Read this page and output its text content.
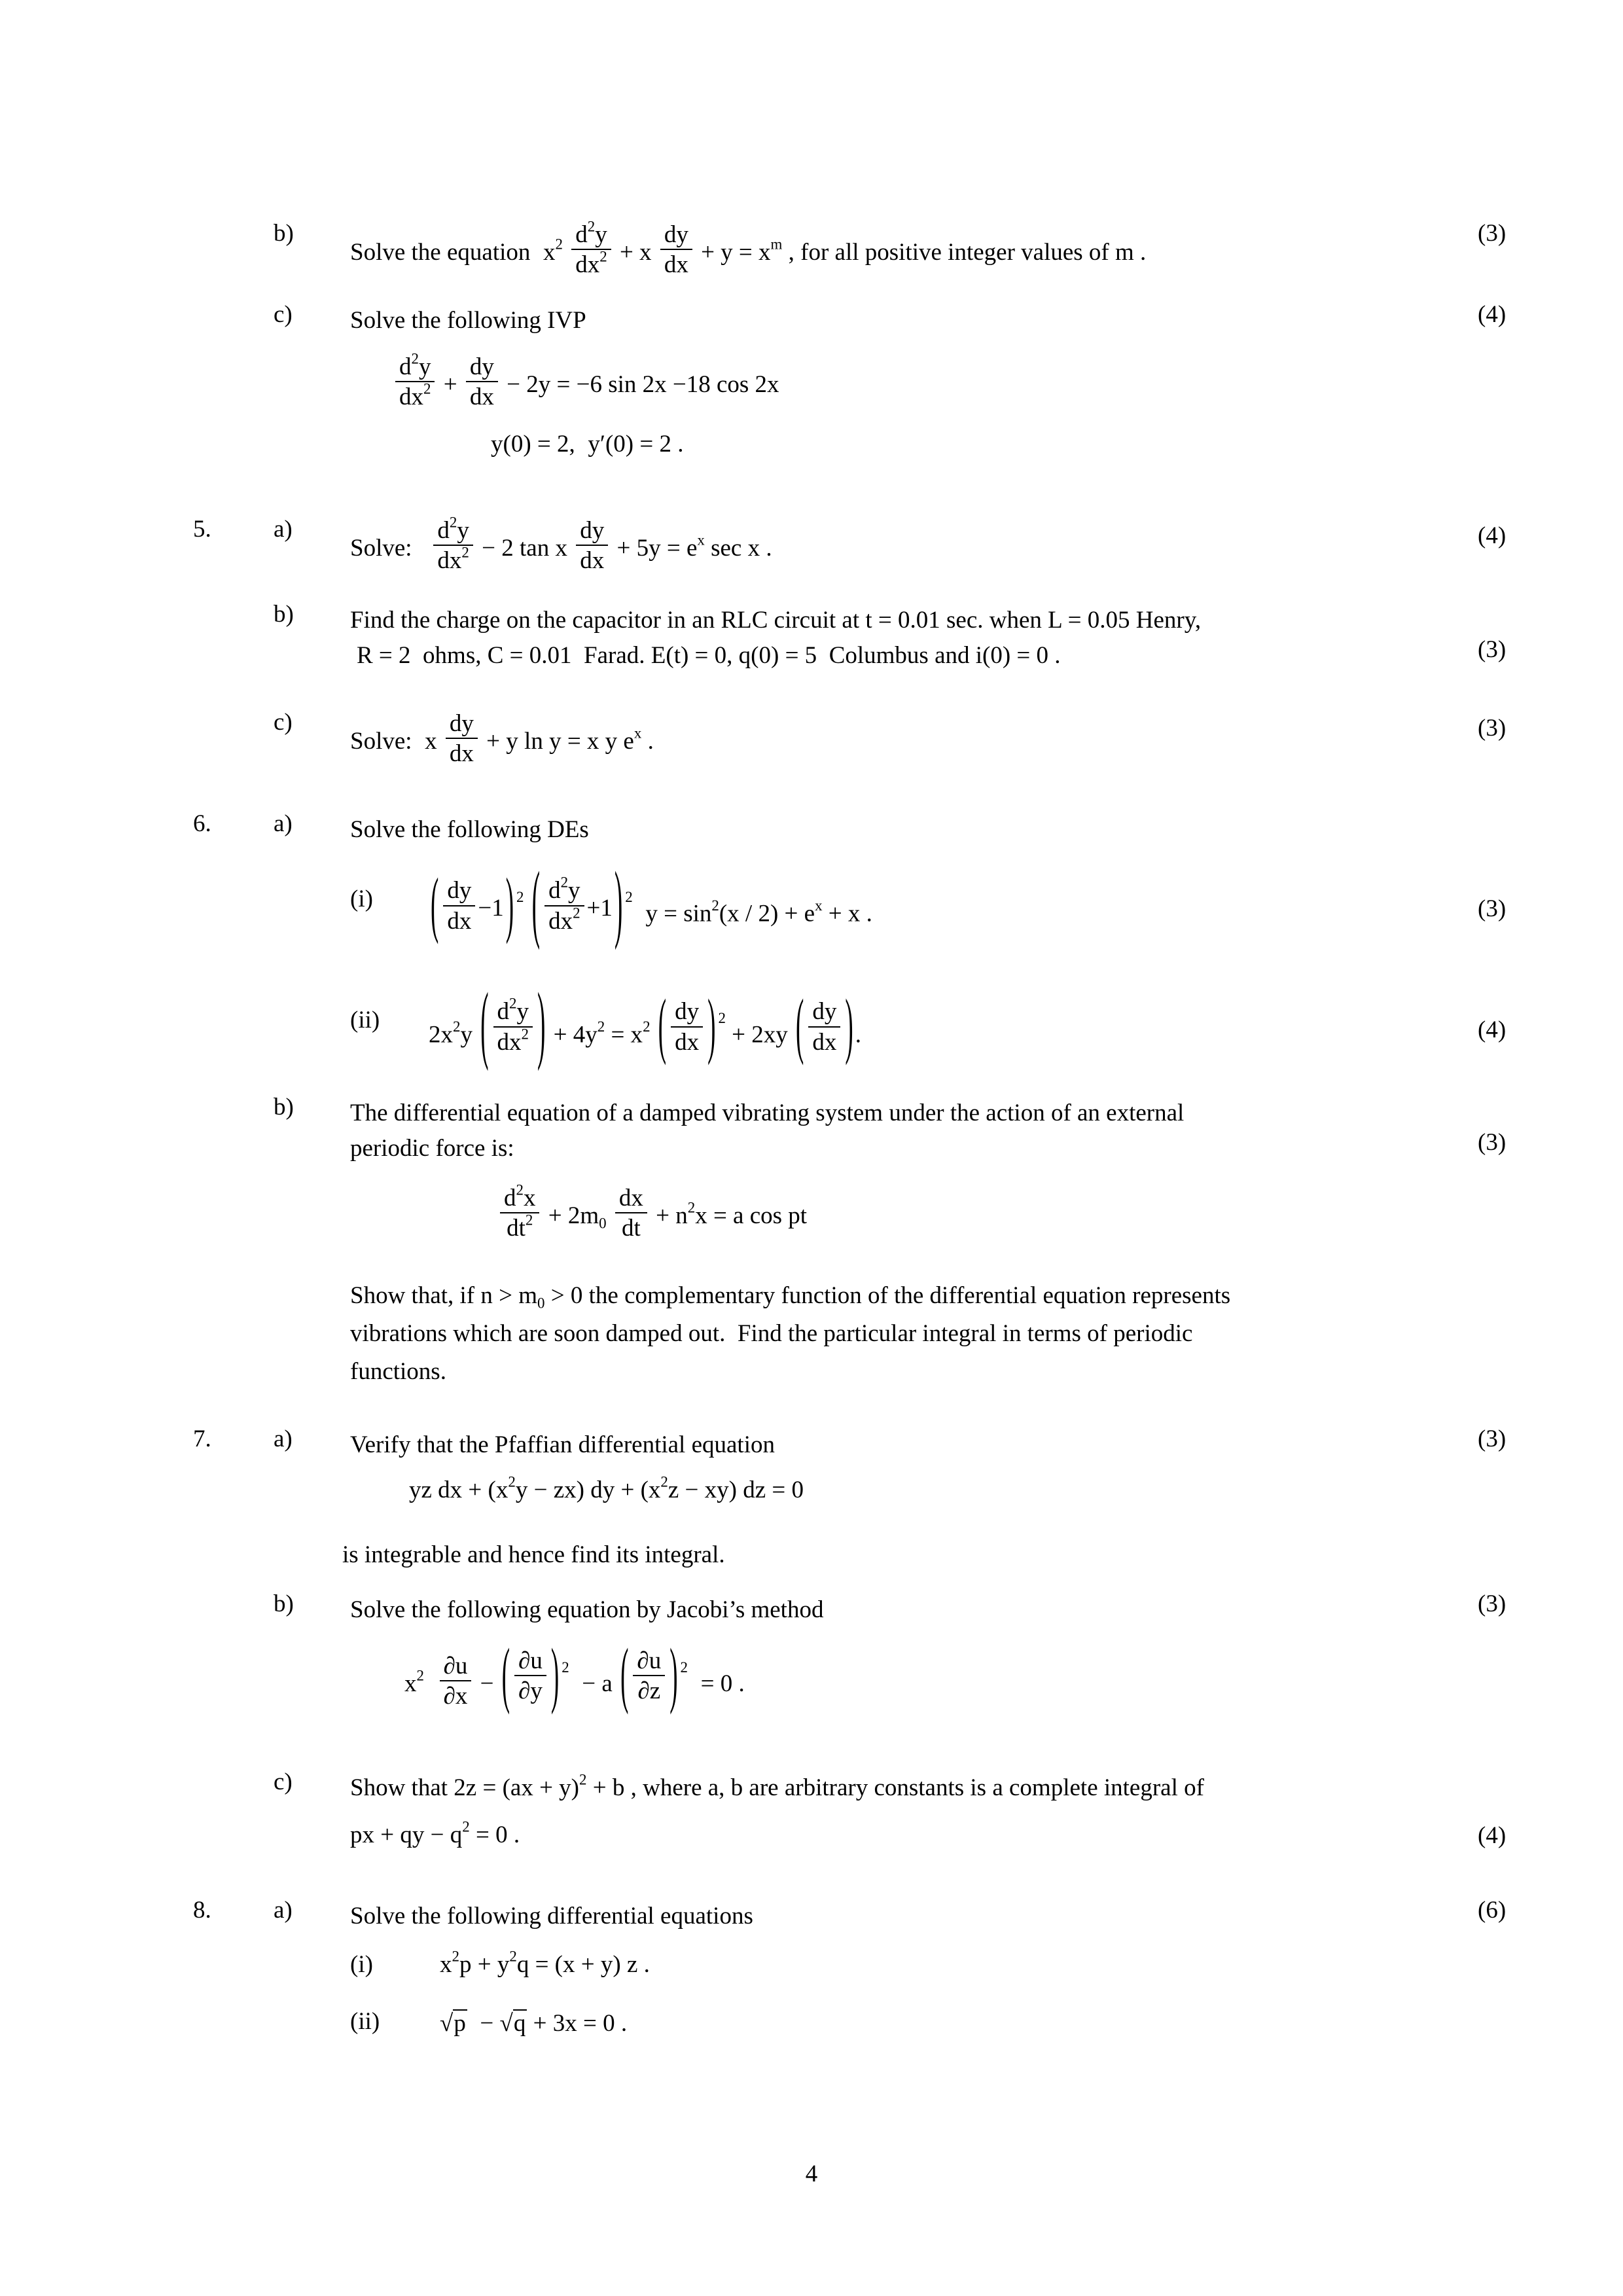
b)
Solve the equation $x^2 \frac{d^2y}{dx^2} + x \frac{dy}{dx} + y = x^m$ , for all positive integer values of m .
(3)
c)	Solve the following IVP	(4)
$\frac{d^2y}{dx^2} + \frac{dy}{dx} - 2y = -6$ sin 2x −18 cos 2x
y(0) = 2, y′(0) = 2 .
5.	a)
Solve: $\frac{d^2y}{dx^2} - 2$ tan x $\frac{dy}{dx} + 5y = e^x$ sec x .	(4)
b)	Find the charge on the capacitor in an RLC circuit at t = 0.01 sec. when L = 0.05 Henry,
R = 2  ohms, C = 0.01  Farad. E(t) = 0, q(0) = 5  Columbus and i(0) = 0 .	(3)
c)
Solve: x $\frac{dy}{dx} + y$ ln y = x y $e^x$ .	(3)
6.	a)	Solve the following DEs
(i) ( $\frac{dy}{dx} -1$) 2 ( $\frac{d^2y}{dx^2} +1$) 2 $y = \sin^2(x / 2) + e^x + x$ .	(3)
(ii)
$2x^2y$ ( $\frac{d^2y}{dx^2}$ ) + $4y^2 = x^2$ ( $\frac{dy}{dx}$ ) 2 + 2xy ( $\frac{dy}{dx}$ ).	(4)
b)	The differential equation of a damped vibrating system under the action of an external
periodic force is:	(3)
$\frac{d^2x}{dt^2} + 2m_0 \frac{dx}{dt} + n^2x = a$ cos pt
Show that, if $n > m_0 > 0$ the complementary function of the differential equation represents
vibrations which are soon damped out.  Find the particular integral in terms of periodic
functions.
7.	a)	Verify that the Pfaffian differential equation	(3)
yz dx + $(x^2y - zx)$ dy + $(x^2z - xy)$ dz = 0
is integrable and hence find its integral.
b)	Solve the following equation by Jacobi’s method	(3)
$x^2 \frac{\partial u}{\partial x}$ − ( $\frac{\partial u}{\partial y}$ ) 2 − a ( $\frac{\partial u}{\partial z}$ ) 2 = 0 .
c)	Show that 2z = (ax + y)$^2$ + b , where a, b are arbitrary constants is a complete integral of
px + qy − $q^2 = 0$ .	(4)
8.	a)	Solve the following differential equations	(6)
(i)	$x^2p + y^2q = (x + y)$ z .
(ii) √p − √q + 3x = 0 .
4
